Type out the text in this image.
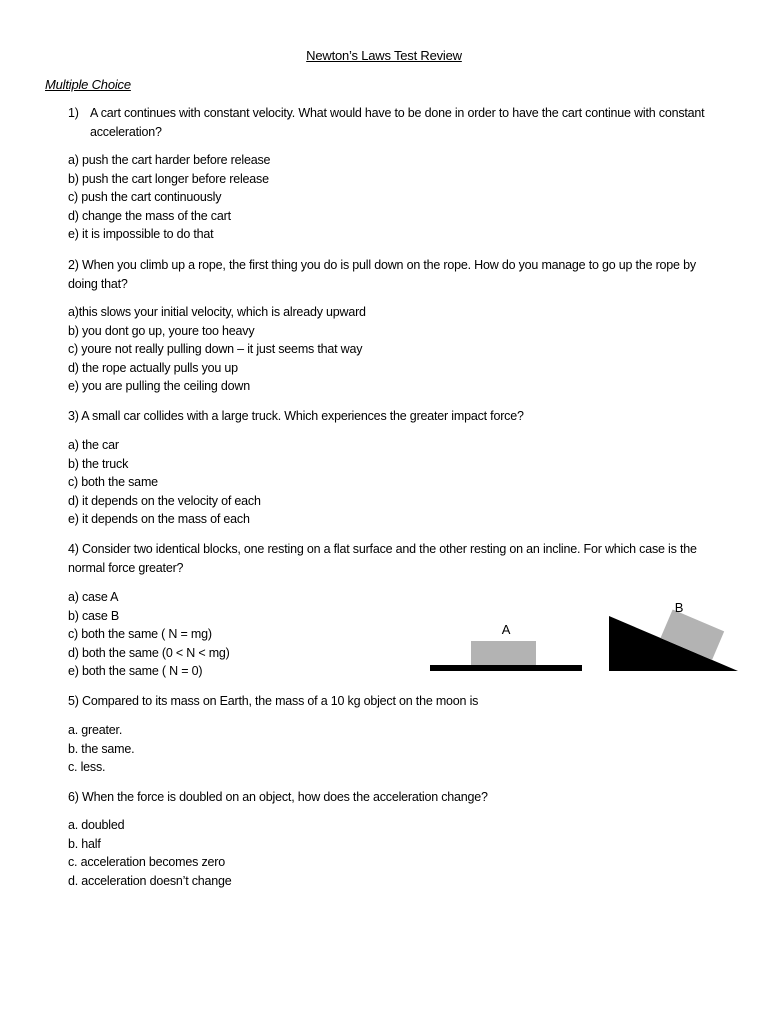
Newton’s Laws Test Review
Multiple Choice
1) A cart continues with constant velocity. What would have to be done in order to have the cart continue with constant acceleration?
a) push the cart harder before release
b) push the cart longer before release
c) push the cart continuously
d) change the mass of the cart
e) it is impossible to do that
2) When you climb up a rope, the first thing you do is pull down on the rope. How do you manage to go up the rope by doing that?
a)this slows your initial velocity, which is already upward
b) you dont go up, youre too heavy
c) youre not really pulling down – it just seems that way
d) the rope actually pulls you up
e) you are pulling the ceiling down
3) A small car collides with a large truck. Which experiences the greater impact force?
a) the car
b) the truck
c) both the same
d) it depends on the velocity of each
e) it depends on the mass of each
4) Consider two identical blocks, one resting on a flat surface and the other resting on an incline. For which case is the normal force greater?
a) case A
b) case B
c) both the same ( N = mg)
d) both the same (0 < N < mg)
e) both the same ( N = 0)
A
B
5) Compared to its mass on Earth, the mass of a 10 kg object on the moon is
a. greater.
b. the same.
c. less.
6) When the force is doubled on an object, how does the acceleration change?
a. doubled
b. half
c. acceleration becomes zero
d. acceleration doesn’t change
